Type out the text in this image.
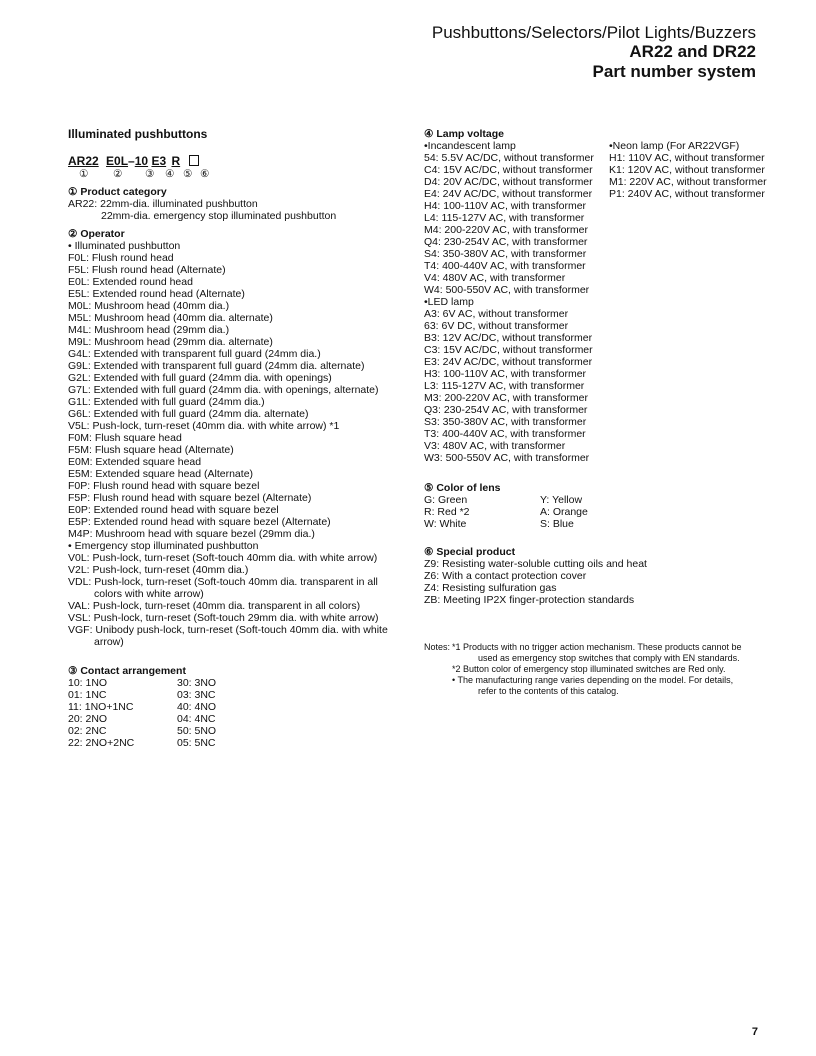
Pushbuttons/Selectors/Pilot Lights/Buzzers
AR22 and DR22
Part number system
Illuminated pushbuttons
AR22 E0L–10 E3 R
① ② ③ ④ ⑤ ⑥
① Product category
AR22: 22mm-dia. illuminated pushbutton
22mm-dia. emergency stop illuminated pushbutton
② Operator
• Illuminated pushbutton
F0L: Flush round head
F5L: Flush round head (Alternate)
E0L: Extended round head
E5L: Extended round head (Alternate)
M0L: Mushroom head (40mm dia.)
M5L: Mushroom head (40mm dia. alternate)
M4L: Mushroom head (29mm dia.)
M9L: Mushroom head (29mm dia. alternate)
G4L: Extended with transparent full guard (24mm dia.)
G9L: Extended with transparent full guard (24mm dia. alternate)
G2L: Extended with full guard (24mm dia. with openings)
G7L: Extended with full guard (24mm dia. with openings, alternate)
G1L: Extended with full guard (24mm dia.)
G6L: Extended with full guard (24mm dia. alternate)
V5L: Push-lock, turn-reset (40mm dia. with white arrow) *1
F0M: Flush square head
F5M: Flush square head (Alternate)
E0M: Extended square head
E5M: Extended square head (Alternate)
F0P: Flush round head with square bezel
F5P: Flush round head with square bezel (Alternate)
E0P: Extended round head with square bezel
E5P: Extended round head with square bezel (Alternate)
M4P: Mushroom head with square bezel (29mm dia.)
• Emergency stop illuminated pushbutton
V0L: Push-lock, turn-reset (Soft-touch 40mm dia. with white arrow)
V2L: Push-lock, turn-reset (40mm dia.)
VDL: Push-lock, turn-reset (Soft-touch 40mm dia. transparent in all
colors with white arrow)
VAL: Push-lock, turn-reset (40mm dia. transparent in all colors)
VSL: Push-lock, turn-reset (Soft-touch 29mm dia. with white arrow)
VGF: Unibody push-lock, turn-reset (Soft-touch 40mm dia. with white
arrow)
③ Contact arrangement
10: 1NO
01: 1NC
11: 1NO+1NC
20: 2NO
02: 2NC
22: 2NO+2NC
30: 3NO
03: 3NC
40: 4NO
04: 4NC
50: 5NO
05: 5NC
④ Lamp voltage
•Incandescent lamp
54: 5.5V AC/DC, without transformer
C4: 15V AC/DC, without transformer
D4: 20V AC/DC, without transformer
E4: 24V AC/DC, without transformer
H4: 100-110V AC, with transformer
L4: 115-127V AC, with transformer
M4: 200-220V AC, with transformer
Q4: 230-254V AC, with transformer
S4: 350-380V AC, with transformer
T4: 400-440V AC, with transformer
V4: 480V AC, with transformer
W4: 500-550V AC, with transformer
•LED lamp
A3: 6V AC, without transformer
63: 6V DC, without transformer
B3: 12V AC/DC, without transformer
C3: 15V AC/DC, without transformer
E3: 24V AC/DC, without transformer
H3: 100-110V AC, with transformer
L3: 115-127V AC, with transformer
M3: 200-220V AC, with transformer
Q3: 230-254V AC, with transformer
S3: 350-380V AC, with transformer
T3: 400-440V AC, with transformer
V3: 480V AC, with transformer
W3: 500-550V AC, with transformer
•Neon lamp (For AR22VGF)
H1: 110V AC, without transformer
K1: 120V AC, without transformer
M1: 220V AC, without transformer
P1: 240V AC, without transformer
⑤ Color of lens
G: Green
R: Red *2
W: White
Y: Yellow
A: Orange
S: Blue
⑥ Special product
Z9: Resisting water-soluble cutting oils and heat
Z6: With a contact protection cover
Z4: Resisting sulfuration gas
ZB: Meeting IP2X finger-protection standards
Notes: *1 Products with no trigger action mechanism. These products cannot be
used as emergency stop switches that comply with EN standards.
*2 Button color of emergency stop illuminated switches are Red only.
• The manufacturing range varies depending on the model. For details,
refer to the contents of this catalog.
7
